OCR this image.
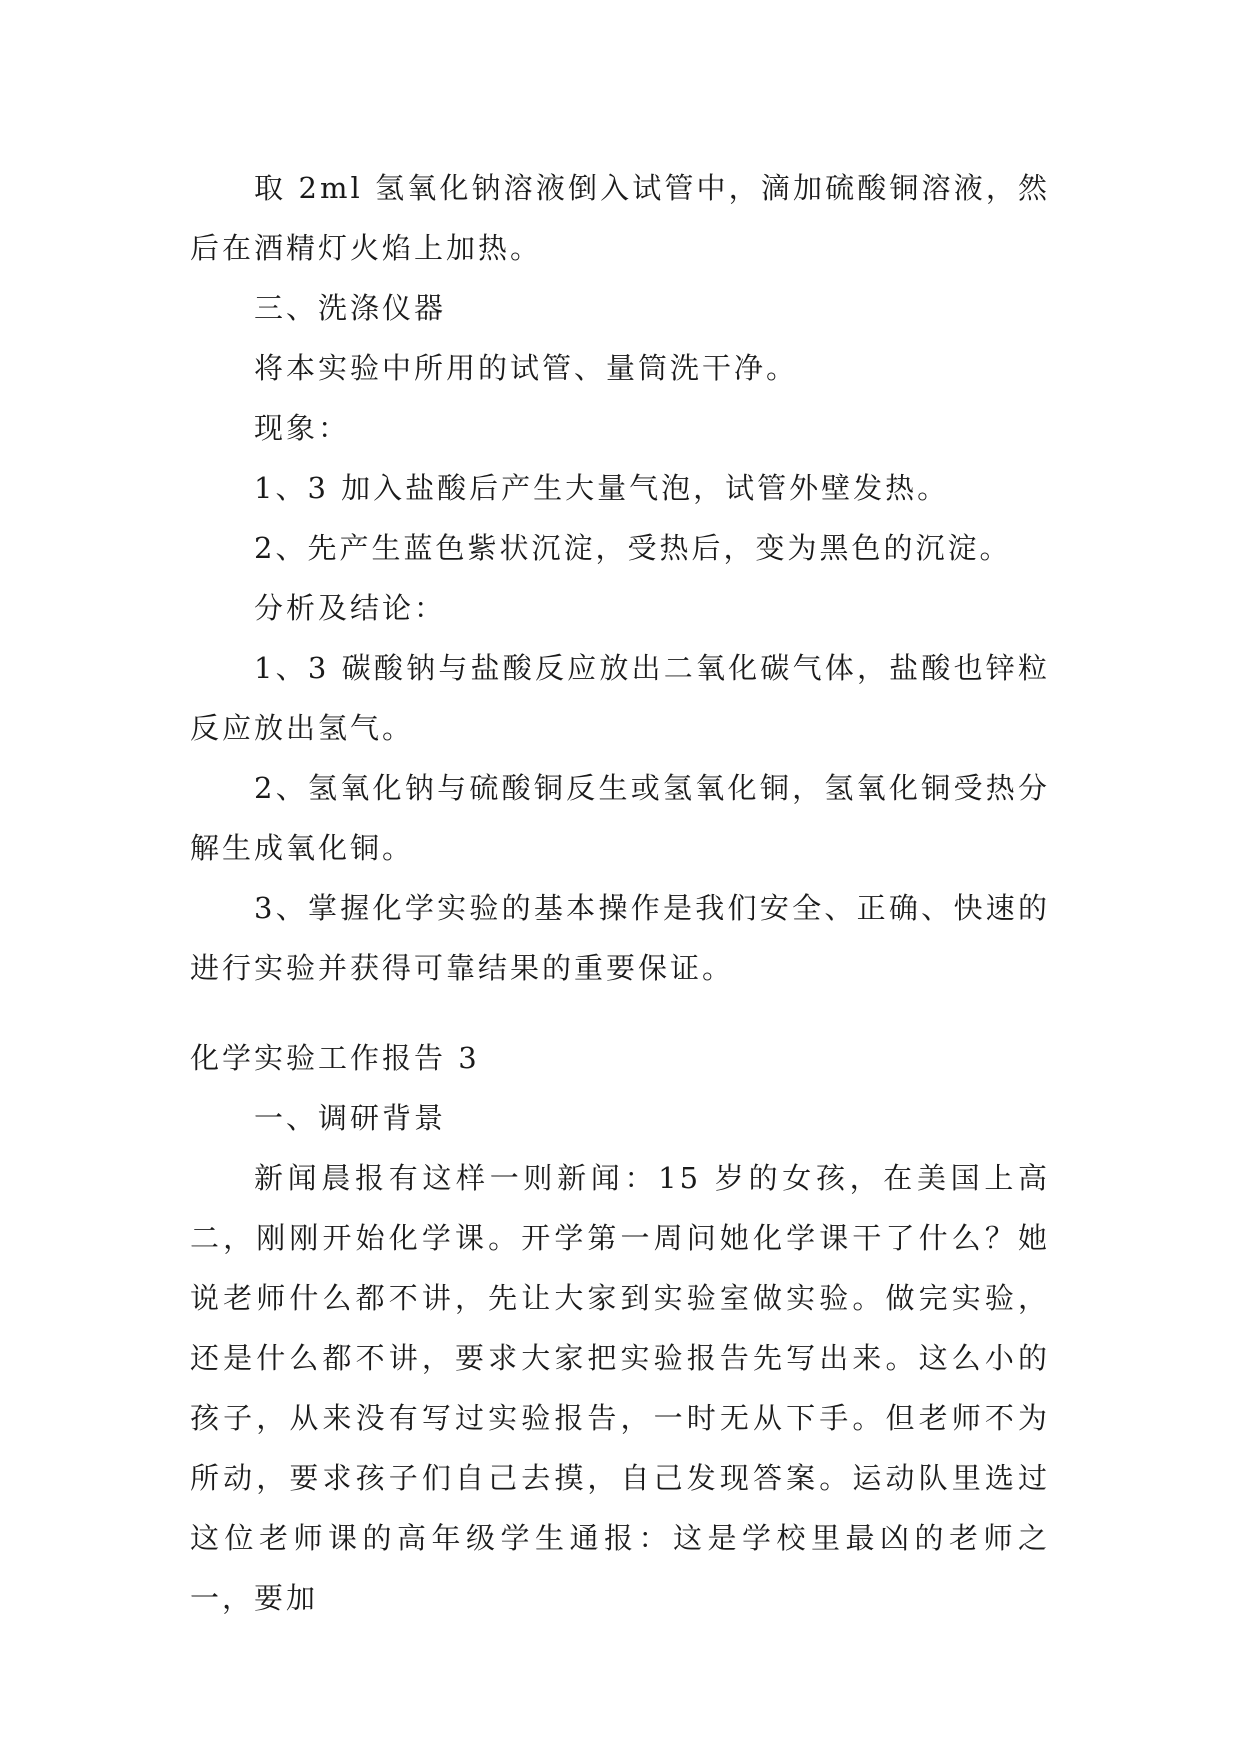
取 2ml 氢氧化钠溶液倒入试管中，滴加硫酸铜溶液，然后在酒精灯火焰上加热。

三、洗涤仪器

将本实验中所用的试管、量筒洗干净。

现象：

1、3 加入盐酸后产生大量气泡，试管外壁发热。

2、先产生蓝色紫状沉淀，受热后，变为黑色的沉淀。

分析及结论：

1、3 碳酸钠与盐酸反应放出二氧化碳气体，盐酸也锌粒反应放出氢气。

2、氢氧化钠与硫酸铜反生或氢氧化铜，氢氧化铜受热分解生成氧化铜。

3、掌握化学实验的基本操作是我们安全、正确、快速的进行实验并获得可靠结果的重要保证。

化学实验工作报告 3

一、调研背景

新闻晨报有这样一则新闻：15 岁的女孩，在美国上高二，刚刚开始化学课。开学第一周问她化学课干了什么？她说老师什么都不讲，先让大家到实验室做实验。做完实验，还是什么都不讲，要求大家把实验报告先写出来。这么小的孩子，从来没有写过实验报告，一时无从下手。但老师不为所动，要求孩子们自己去摸，自己发现答案。运动队里选过这位老师课的高年级学生通报：这是学校里最凶的老师之一，要加
